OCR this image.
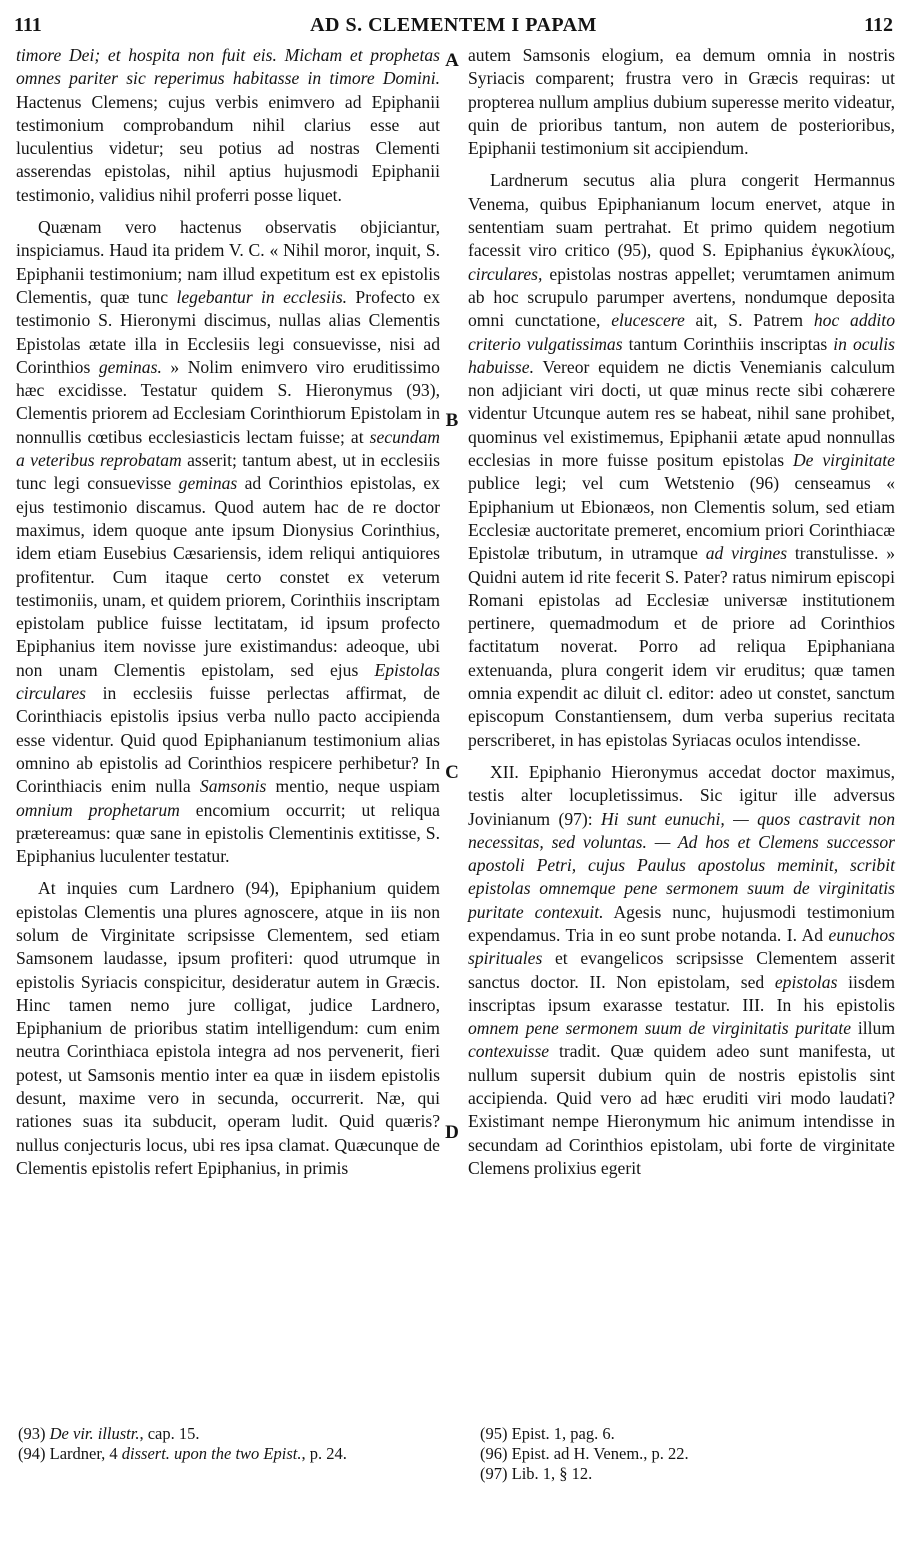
111	AD S. CLEMENTEM I PAPAM	112
A
B
C
D

timore Dei; et hospita non fuit eis. Micham et prophetas omnes pariter sic reperimus habitasse in timore Domini. Hactenus Clemens; cujus verbis enimvero ad Epiphanii testimonium comprobandum nihil clarius esse aut luculentius videtur; seu potius ad nostras Clementi asserendas epistolas, nihil aptius hujusmodi Epiphanii testimonio, validius nihil proferri posse liquet.

Quænam vero hactenus observatis objiciantur, inspiciamus. Haud ita pridem V. C. « Nihil moror, inquit, S. Epiphanii testimonium; nam illud expetitum est ex epistolis Clementis, quæ tunc legebantur in ecclesiis. Profecto ex testimonio S. Hieronymi discimus, nullas alias Clementis Epistolas ætate illa in Ecclesiis legi consuevisse, nisi ad Corinthios geminas. » Nolim enimvero viro eruditissimo hæc excidisse. Testatur quidem S. Hieronymus (93), Clementis priorem ad Ecclesiam Corinthiorum Epistolam in nonnullis cœtibus ecclesiasticis lectam fuisse; at secundam a veteribus reprobatam asserit; tantum abest, ut in ecclesiis tunc legi consuevisse geminas ad Corinthios epistolas, ex ejus testimonio discamus. Quod autem hac de re doctor maximus, idem quoque ante ipsum Dionysius Corinthius, idem etiam Eusebius Cæsariensis, idem reliqui antiquiores profitentur. Cum itaque certo constet ex veterum testimoniis, unam, et quidem priorem, Corinthiis inscriptam epistolam publice fuisse lectitatam, id ipsum profecto Epiphanius item novisse jure existimandus: adeoque, ubi non unam Clementis epistolam, sed ejus Epistolas circulares in ecclesiis fuisse perlectas affirmat, de Corinthiacis epistolis ipsius verba nullo pacto accipienda esse videntur. Quid quod Epiphanianum testimonium alias omnino ab epistolis ad Corinthios respicere perhibetur? In Corinthiacis enim nulla Samsonis mentio, neque uspiam omnium prophetarum encomium occurrit; ut reliqua prætereamus: quæ sane in epistolis Clementinis extitisse, S. Epiphanius luculenter testatur.

At inquies cum Lardnero (94), Epiphanium quidem epistolas Clementis una plures agnoscere, atque in iis non solum de Virginitate scripsisse Clementem, sed etiam Samsonem laudasse, ipsum profiteri: quod utrumque in epistolis Syriacis conspicitur, desideratur autem in Græcis. Hinc tamen nemo jure colligat, judice Lardnero, Epiphanium de prioribus statim intelligendum: cum enim neutra Corinthiaca epistola integra ad nos pervenerit, fieri potest, ut Samsonis mentio inter ea quæ in iisdem epistolis desunt, maxime vero in secunda, occurrerit. Næ, qui rationes suas ita subducit, operam ludit. Quid quæris? nullus conjecturis locus, ubi res ipsa clamat. Quæcunque de Clementis epistolis refert Epiphanius, in primis

autem Samsonis elogium, ea demum omnia in nostris Syriacis comparent; frustra vero in Græcis requiras: ut propterea nullum amplius dubium superesse merito videatur, quin de prioribus tantum, non autem de posterioribus, Epiphanii testimonium sit accipiendum.

Lardnerum secutus alia plura congerit Hermannus Venema, quibus Epiphanianum locum enervet, atque in sententiam suam pertrahat. Et primo quidem negotium facessit viro critico (95), quod S. Epiphanius ἐγκυκλίους, circulares, epistolas nostras appellet; verumtamen animum ab hoc scrupulo parumper avertens, nondumque deposita omni cunctatione, elucescere ait, S. Patrem hoc addito criterio vulgatissimas tantum Corinthiis inscriptas in oculis habuisse. Vereor equidem ne dictis Venemianis calculum non adjiciant viri docti, ut quæ minus recte sibi cohærere videntur Utcunque autem res se habeat, nihil sane prohibet, quominus vel existimemus, Epiphanii ætate apud nonnullas ecclesias in more fuisse positum epistolas De virginitate publice legi; vel cum Wetstenio (96) censeamus « Epiphanium ut Ebionæos, non Clementis solum, sed etiam Ecclesiæ auctoritate premeret, encomium priori Corinthiacæ Epistolæ tributum, in utramque ad virgines transtulisse. » Quidni autem id rite fecerit S. Pater? ratus nimirum episcopi Romani epistolas ad Ecclesiæ universæ institutionem pertinere, quemadmodum et de priore ad Corinthios factitatum noverat. Porro ad reliqua Epiphaniana extenuanda, plura congerit idem vir eruditus; quæ tamen omnia expendit ac diluit cl. editor: adeo ut constet, sanctum episcopum Constantiensem, dum verba superius recitata perscriberet, in has epistolas Syriacas oculos intendisse.

XII. Epiphanio Hieronymus accedat doctor maximus, testis alter locupletissimus. Sic igitur ille adversus Jovinianum (97): Hi sunt eunuchi, — quos castravit non necessitas, sed voluntas. — Ad hos et Clemens successor apostoli Petri, cujus Paulus apostolus meminit, scribit epistolas omnemque pene sermonem suum de virginitatis puritate contexuit. Agesis nunc, hujusmodi testimonium expendamus. Tria in eo sunt probe notanda. I. Ad eunuchos spirituales et evangelicos scripsisse Clementem asserit sanctus doctor. II. Non epistolam, sed epistolas iisdem inscriptas ipsum exarasse testatur. III. In his epistolis omnem pene sermonem suum de virginitatis puritate illum contexuisse tradit. Quæ quidem adeo sunt manifesta, ut nullum supersit dubium quin de nostris epistolis sint accipienda. Quid vero ad hæc eruditi viri modo laudati? Existimant nempe Hieronymum hic animum intendisse in secundam ad Corinthios epistolam, ubi forte de virginitate Clemens prolixius egerit

(93) De vir. illustr., cap. 15.
(94) Lardner, 4 dissert. upon the two Epist., p. 24.
(95) Epist. 1, pag. 6.
(96) Epist. ad H. Venem., p. 22.
(97) Lib. 1, § 12.
